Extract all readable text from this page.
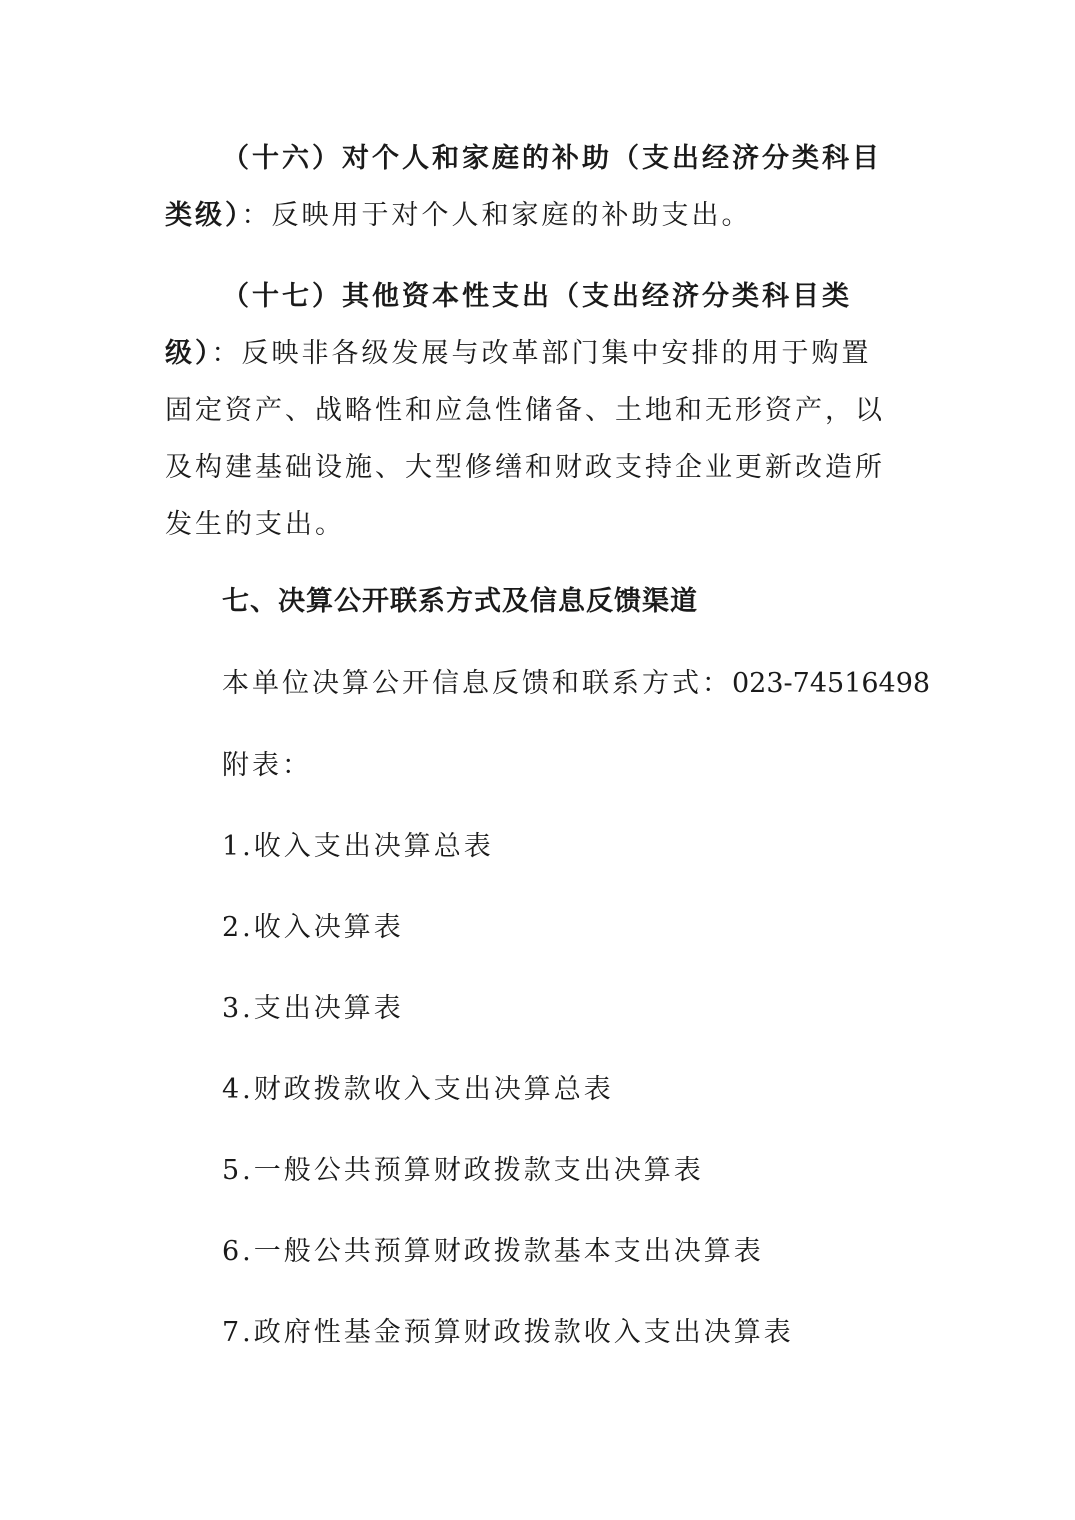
（十六）对个人和家庭的补助（支出经济分类科目类级）：反映用于对个人和家庭的补助支出。

（十七）其他资本性支出（支出经济分类科目类级）：反映非各级发展与改革部门集中安排的用于购置固定资产、战略性和应急性储备、土地和无形资产，以及构建基础设施、大型修缮和财政支持企业更新改造所发生的支出。

七、决算公开联系方式及信息反馈渠道

本单位决算公开信息反馈和联系方式：023-74516498

附表：

1.收入支出决算总表

2.收入决算表

3.支出决算表

4.财政拨款收入支出决算总表

5.一般公共预算财政拨款支出决算表

6.一般公共预算财政拨款基本支出决算表

7.政府性基金预算财政拨款收入支出决算表
